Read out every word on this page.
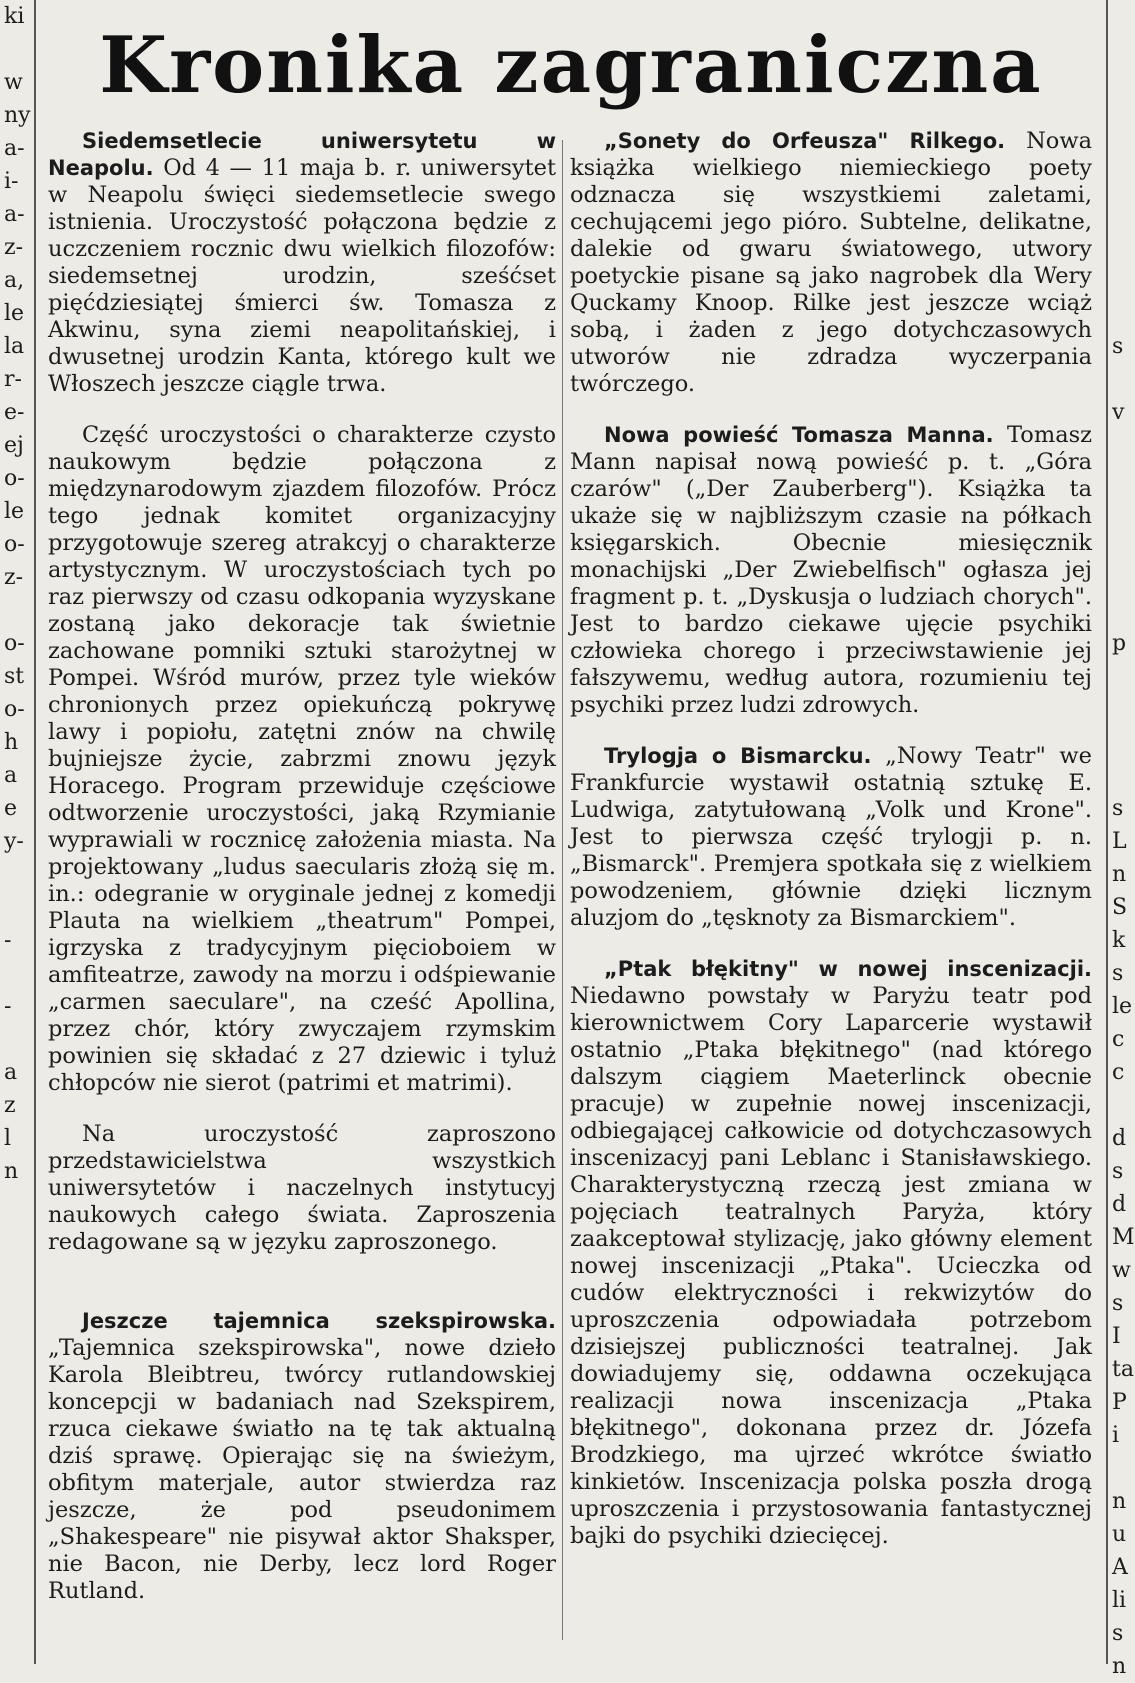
ki

w
ny
a-
i-
a-
z-
a,
le
la
r-
e-
ej
o-
le
o-
z-

o-
st
o-
h
a
e
y-

-

-

a
z
l
n

s

v

p

s
L
n
S
k
s
le
c
c

d
s
d
M
w
s
I
ta
P
i

n
u
A
li
s
n
Kronika zagraniczna

Siedemsetlecie uniwersytetu w Neapolu. Od 4 — 11 maja b. r. uniwersytet w Neapolu święci siedemsetlecie swego istnienia. Uroczystość połączona będzie z uczczeniem rocznic dwu wielkich filozofów: siedemsetnej urodzin, sześćset pięćdziesiątej śmierci św. Tomasza z Akwinu, syna ziemi neapolitańskiej, i dwusetnej urodzin Kanta, którego kult we Włoszech jeszcze ciągle trwa.

Część uroczystości o charakterze czysto naukowym będzie połączona z międzynarodowym zjazdem filozofów. Prócz tego jednak komitet organizacyjny przygotowuje szereg atrakcyj o charakterze artystycznym. W uroczystościach tych po raz pierwszy od czasu odkopania wyzyskane zostaną jako dekoracje tak świetnie zachowane pomniki sztuki starożytnej w Pompei. Wśród murów, przez tyle wieków chronionych przez opiekuńczą pokrywę lawy i popiołu, zatętni znów na chwilę bujniejsze życie, zabrzmi znowu język Horacego. Program przewiduje częściowe odtworzenie uroczystości, jaką Rzymianie wyprawiali w rocznicę założenia miasta. Na projektowany „ludus saecularis złożą się m. in.: odegranie w oryginale jednej z komedji Plauta na wielkiem „theatrum" Pompei, igrzyska z tradycyjnym pięcioboiem w amfiteatrze, zawody na morzu i odśpiewanie „carmen saeculare", na cześć Apollina, przez chór, który zwyczajem rzymskim powinien się składać z 27 dziewic i tyluż chłopców nie sierot (patrimi et matrimi).

Na uroczystość zaproszono przedstawicielstwa wszystkich uniwersytetów i naczelnych instytucyj naukowych całego świata. Zaproszenia redagowane są w języku zaproszonego.

Jeszcze tajemnica szekspirowska. „Tajemnica szekspirowska", nowe dzieło Karola Bleibtreu, twórcy rutlandowskiej koncepcji w badaniach nad Szekspirem, rzuca ciekawe światło na tę tak aktualną dziś sprawę. Opierając się na świeżym, obfitym materjale, autor stwierdza raz jeszcze, że pod pseudonimem „Shakespeare" nie pisywał aktor Shaksper, nie Bacon, nie Derby, lecz lord Roger Rutland.

„Sonety do Orfeusza" Rilkego. Nowa książka wielkiego niemieckiego poety odznacza się wszystkiemi zaletami, cechującemi jego pióro. Subtelne, delikatne, dalekie od gwaru światowego, utwory poetyckie pisane są jako nagrobek dla Wery Quckamy Knoop. Rilke jest jeszcze wciąż sobą, i żaden z jego dotychczasowych utworów nie zdradza wyczerpania twórczego.

Nowa powieść Tomasza Manna. Tomasz Mann napisał nową powieść p. t. „Góra czarów" („Der Zauberberg"). Książka ta ukaże się w najbliższym czasie na półkach księgarskich. Obecnie miesięcznik monachijski „Der Zwiebelfisch" ogłasza jej fragment p. t. „Dyskusja o ludziach chorych". Jest to bardzo ciekawe ujęcie psychiki człowieka chorego i przeciwstawienie jej fałszywemu, według autora, rozumieniu tej psychiki przez ludzi zdrowych.

Trylogja o Bismarcku. „Nowy Teatr" we Frankfurcie wystawił ostatnią sztukę E. Ludwiga, zatytułowaną „Volk und Krone". Jest to pierwsza część trylogji p. n. „Bismarck". Premjera spotkała się z wielkiem powodzeniem, głównie dzięki licznym aluzjom do „tęsknoty za Bismarckiem".

„Ptak błękitny" w nowej inscenizacji. Niedawno powstały w Paryżu teatr pod kierownictwem Cory Laparcerie wystawił ostatnio „Ptaka błękitnego" (nad którego dalszym ciągiem Maeterlinck obecnie pracuje) w zupełnie nowej inscenizacji, odbiegającej całkowicie od dotychczasowych inscenizacyj pani Leblanc i Stanisławskiego. Charakterystyczną rzeczą jest zmiana w pojęciach teatralnych Paryża, który zaakceptował stylizację, jako główny element nowej inscenizacji „Ptaka". Ucieczka od cudów elektryczności i rekwizytów do uproszczenia odpowiadała potrzebom dzisiejszej publiczności teatralnej. Jak dowiadujemy się, oddawna oczekująca realizacji nowa inscenizacja „Ptaka błękitnego", dokonana przez dr. Józefa Brodzkiego, ma ujrzeć wkrótce światło kinkietów. Inscenizacja polska poszła drogą uproszczenia i przystosowania fantastycznej bajki do psychiki dziecięcej.
